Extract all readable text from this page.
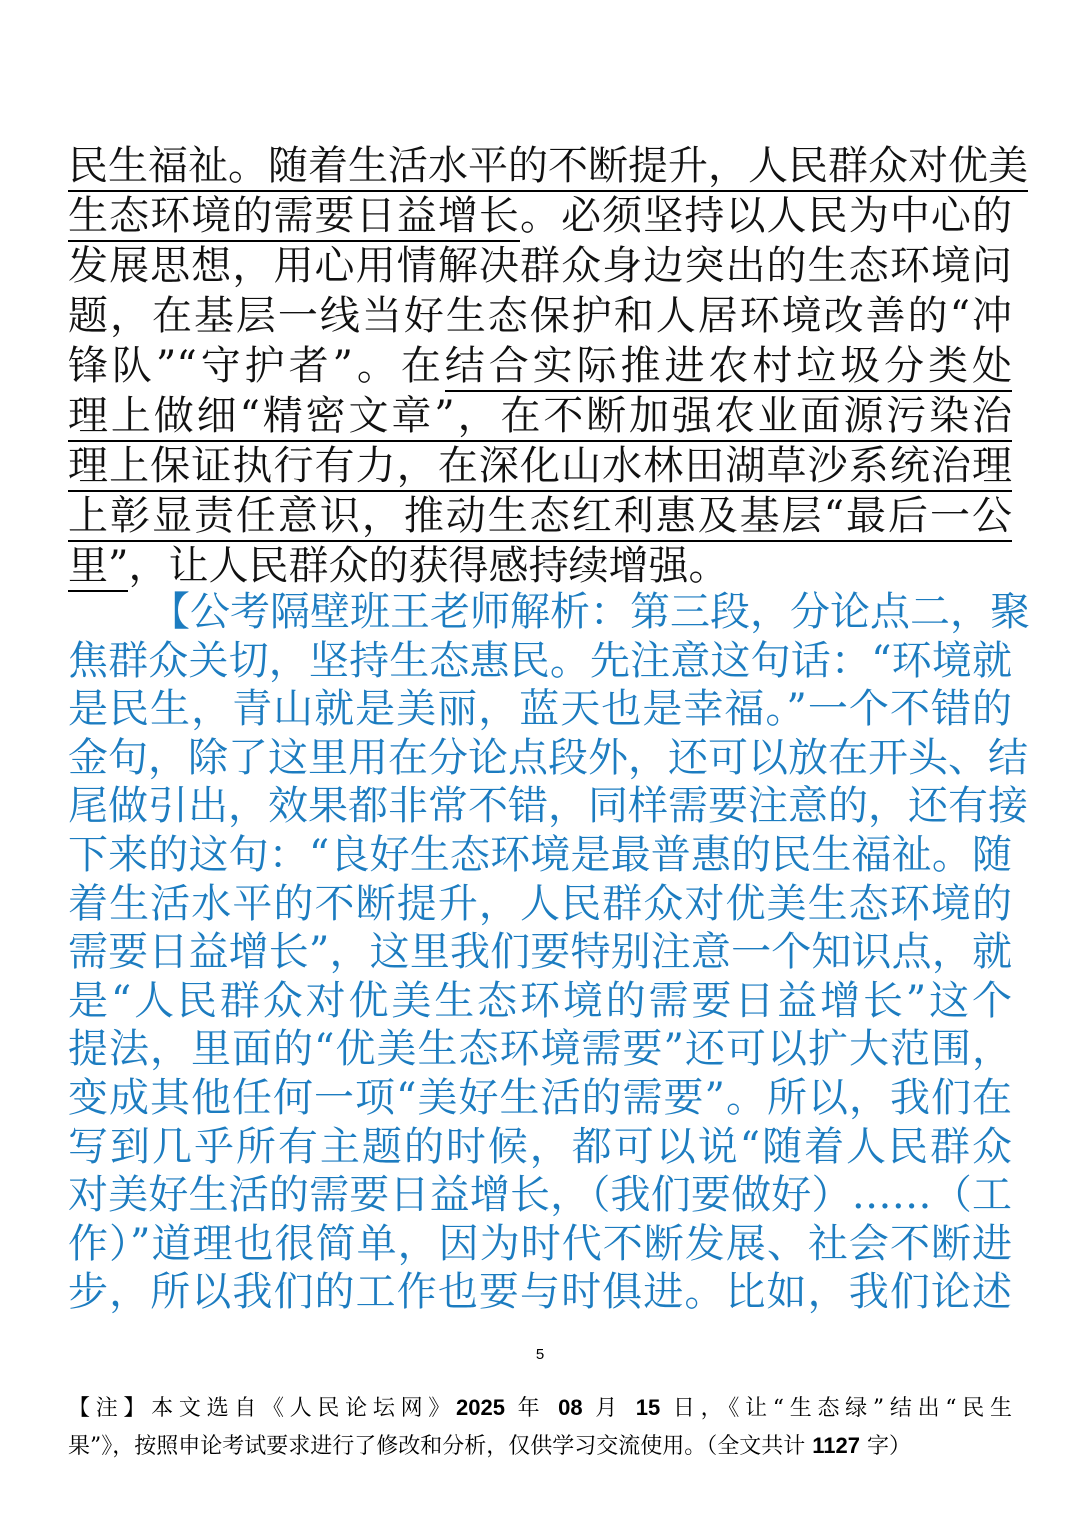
民生福祉。随着生活水平的不断提升，人民群众对优美
生态环境的需要日益增长。必须坚持以人民为中心的
发展思想，用心用情解决群众身边突出的生态环境问
题，在基层一线当好生态保护和人居环境改善的“冲
锋队”“守护者”。在结合实际推进农村垃圾分类处
理上做细“精密文章”，在不断加强农业面源污染治
理上保证执行有力，在深化山水林田湖草沙系统治理
上彰显责任意识，推动生态红利惠及基层“最后一公
里”，让人民群众的获得感持续增强。
【公考隔壁班王老师解析：第三段，分论点二，聚
焦群众关切，坚持生态惠民。先注意这句话：“环境就
是民生，青山就是美丽，蓝天也是幸福。”一个不错的
金句，除了这里用在分论点段外，还可以放在开头、结
尾做引出，效果都非常不错，同样需要注意的，还有接
下来的这句：“良好生态环境是最普惠的民生福祉。随
着生活水平的不断提升，人民群众对优美生态环境的
需要日益增长”，这里我们要特别注意一个知识点，就
是“人民群众对优美生态环境的需要日益增长”这个
提法，里面的“优美生态环境需要”还可以扩大范围，
变成其他任何一项“美好生活的需要”。所以，我们在
写到几乎所有主题的时候，都可以说“随着人民群众
对美好生活的需要日益增长，（我们要做好）……（工
作）”道理也很简单，因为时代不断发展、社会不断进
步，所以我们的工作也要与时俱进。比如，我们论述
5
【注】本文选自《人民论坛网》2025 年 08 月 15 日，《让“生态绿”结出“民生
果”》，按照申论考试要求进行了修改和分析，仅供学习交流使用。（全文共计 1127 字）
